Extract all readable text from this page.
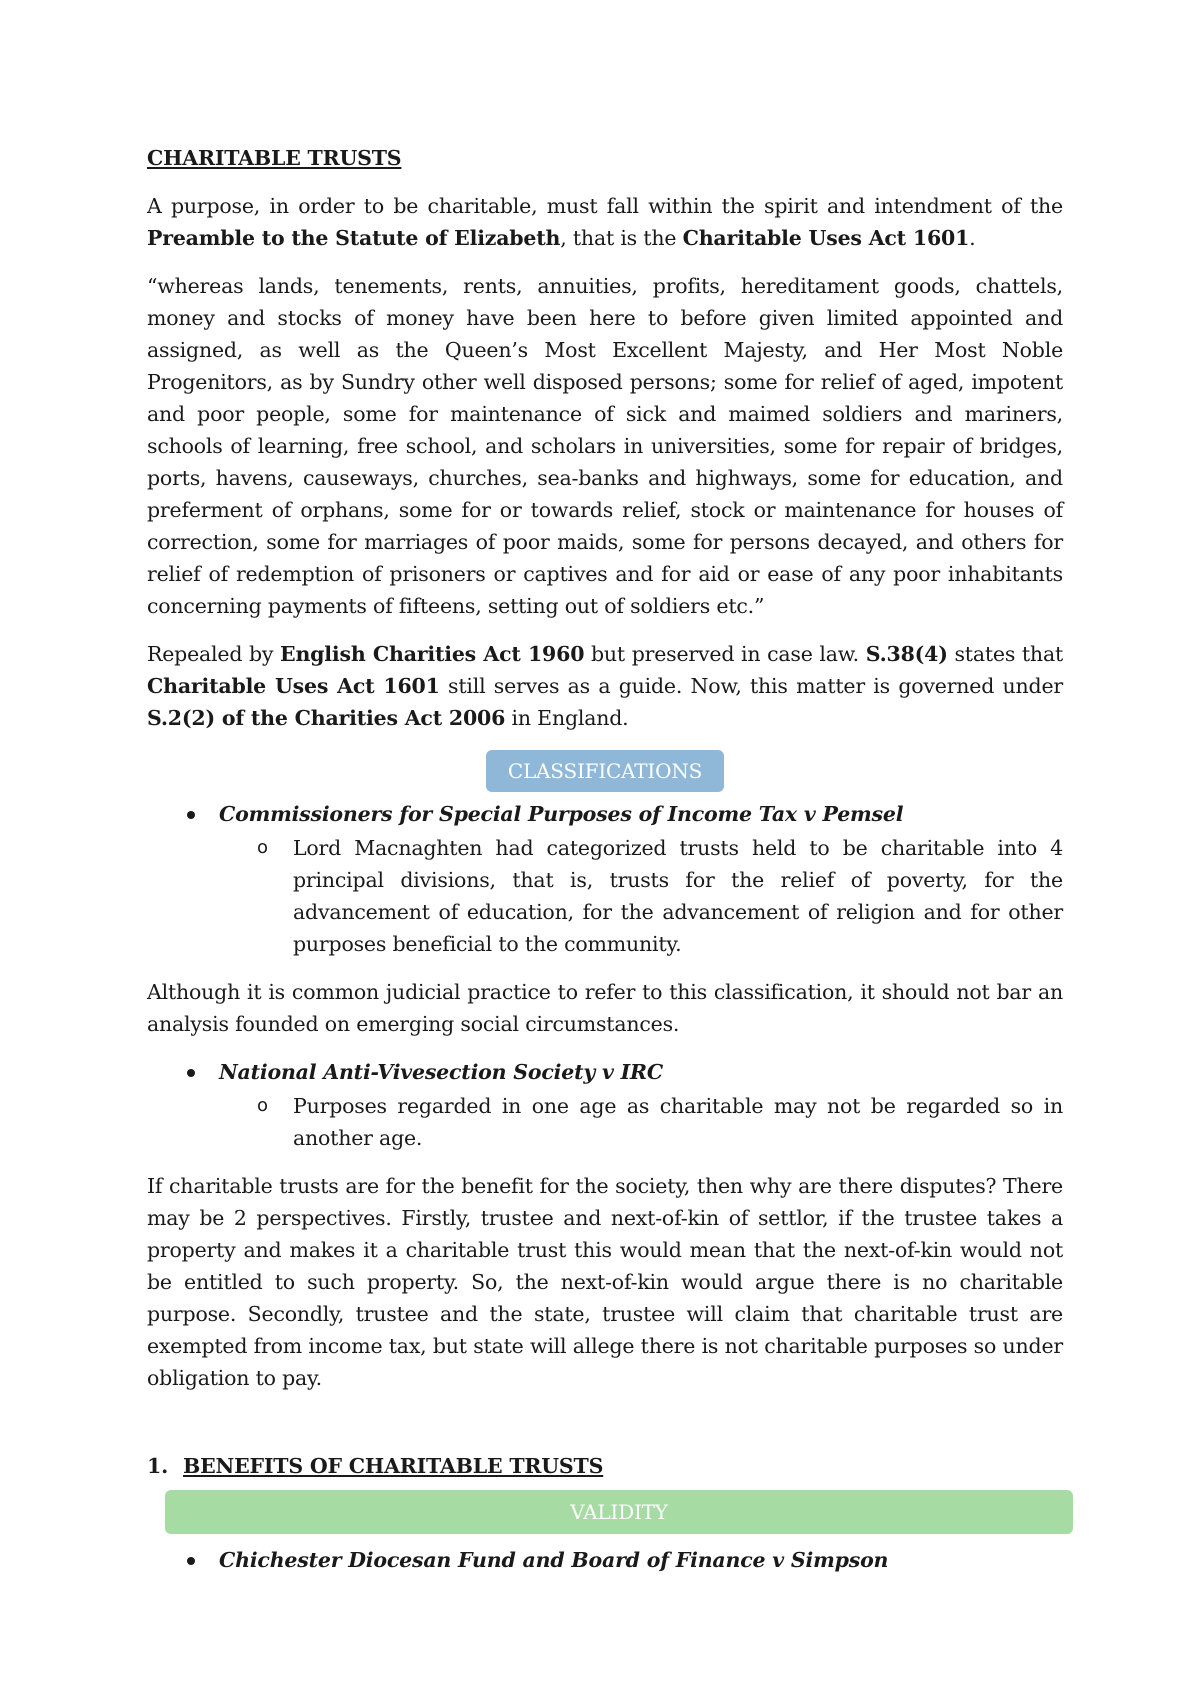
CHARITABLE TRUSTS

A purpose, in order to be charitable, must fall within the spirit and intendment of the Preamble to the Statute of Elizabeth, that is the Charitable Uses Act 1601.

“whereas lands, tenements, rents, annuities, profits, hereditament goods, chattels, money and stocks of money have been here to before given limited appointed and assigned, as well as the Queen’s Most Excellent Majesty, and Her Most Noble Progenitors, as by Sundry other well disposed persons; some for relief of aged, impotent and poor people, some for maintenance of sick and maimed soldiers and mariners, schools of learning, free school, and scholars in universities, some for repair of bridges, ports, havens, causeways, churches, sea-banks and highways, some for education, and preferment of orphans, some for or towards relief, stock or maintenance for houses of correction, some for marriages of poor maids, some for persons decayed, and others for relief of redemption of prisoners or captives and for aid or ease of any poor inhabitants concerning payments of fifteens, setting out of soldiers etc.”

Repealed by English Charities Act 1960 but preserved in case law. S.38(4) states that Charitable Uses Act 1601 still serves as a guide. Now, this matter is governed under S.2(2) of the Charities Act 2006 in England.

CLASSIFICATIONS
Commissioners for Special Purposes of Income Tax v Pemsel
o Lord Macnaghten had categorized trusts held to be charitable into 4 principal divisions, that is, trusts for the relief of poverty, for the advancement of education, for the advancement of religion and for other purposes beneficial to the community.

Although it is common judicial practice to refer to this classification, it should not bar an analysis founded on emerging social circumstances.

National Anti-Vivesection Society v IRC
o Purposes regarded in one age as charitable may not be regarded so in another age.

If charitable trusts are for the benefit for the society, then why are there disputes? There may be 2 perspectives. Firstly, trustee and next-of-kin of settlor, if the trustee takes a property and makes it a charitable trust this would mean that the next-of-kin would not be entitled to such property. So, the next-of-kin would argue there is no charitable purpose. Secondly, trustee and the state, trustee will claim that charitable trust are exempted from income tax, but state will allege there is not charitable purposes so under obligation to pay.

1. BENEFITS OF CHARITABLE TRUSTS

VALIDITY
Chichester Diocesan Fund and Board of Finance v Simpson
